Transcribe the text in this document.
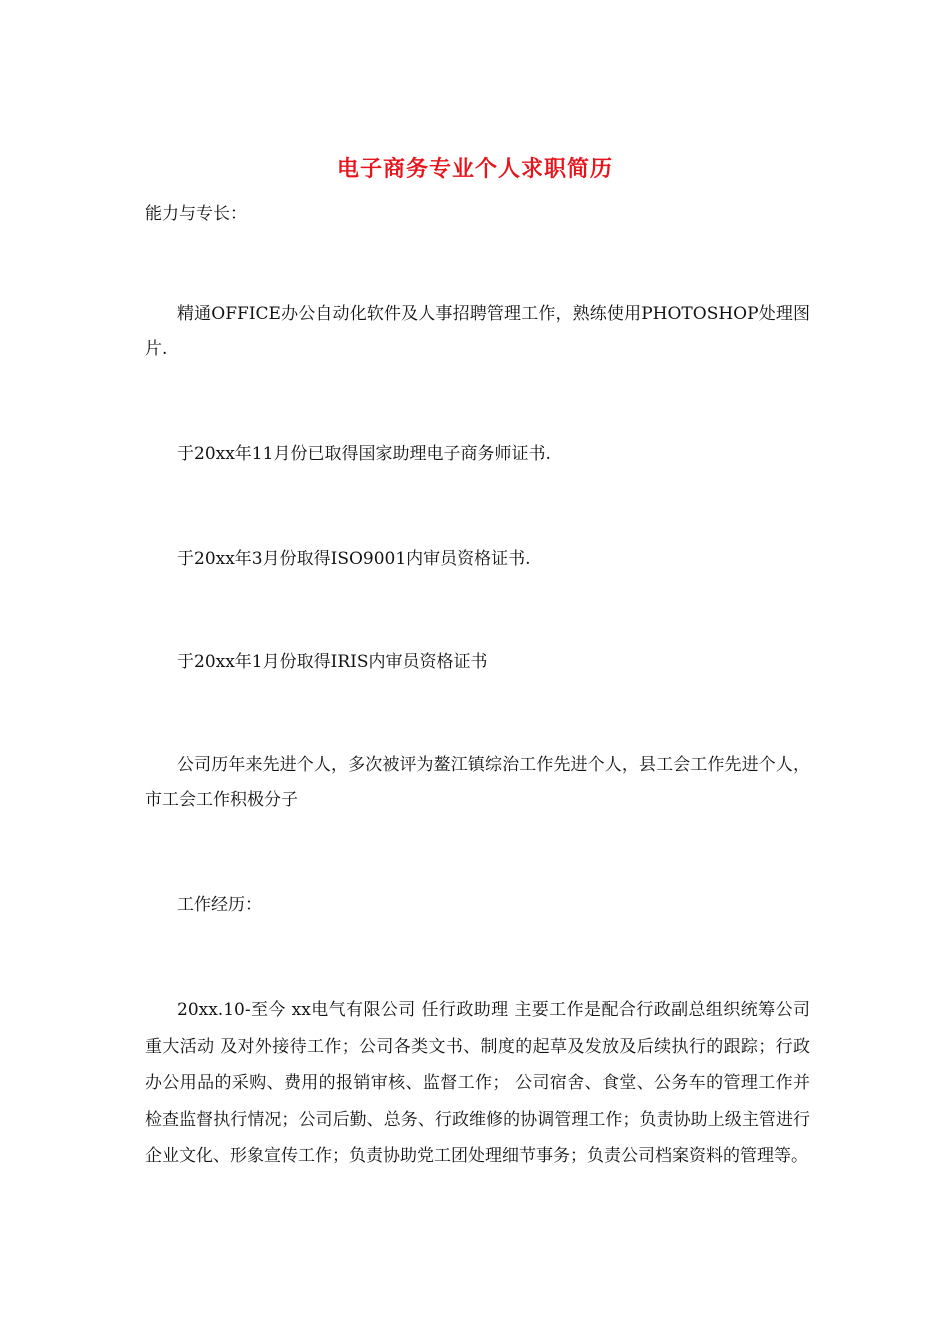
电子商务专业个人求职简历

能力与专长：

精通OFFICE办公自动化软件及人事招聘管理工作，熟练使用PHOTOSHOP处理图片.

于20xx年11月份已取得国家助理电子商务师证书.

于20xx年3月份取得ISO9001内审员资格证书.

于20xx年1月份取得IRIS内审员资格证书

公司历年来先进个人，多次被评为鳌江镇综治工作先进个人，县工会工作先进个人，市工会工作积极分子

工作经历：

20xx.10-至今 xx电气有限公司 任行政助理 主要工作是配合行政副总组织统筹公司重大活动 及对外接待工作；公司各类文书、制度的起草及发放及后续执行的跟踪；行政办公用品的采购、费用的报销审核、监督工作； 公司宿舍、食堂、公务车的管理工作并检查监督执行情况；公司后勤、总务、行政维修的协调管理工作；负责协助上级主管进行企业文化、形象宣传工作；负责协助党工团处理细节事务；负责公司档案资料的管理等。
